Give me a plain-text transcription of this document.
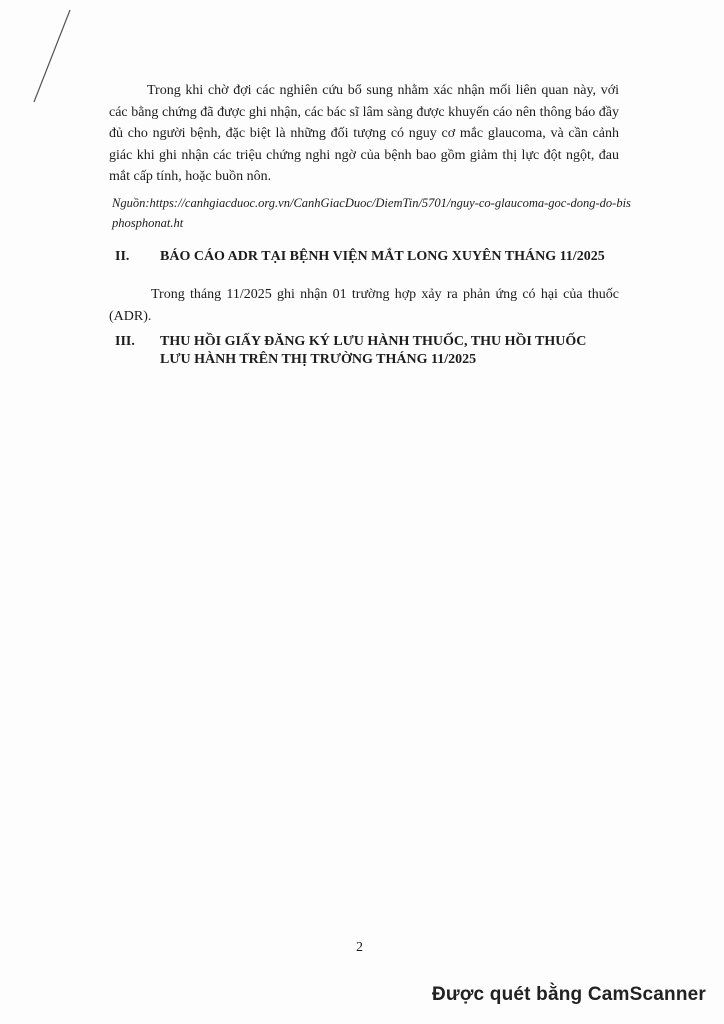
Trong khi chờ đợi các nghiên cứu bổ sung nhằm xác nhận mối liên quan này, với các bằng chứng đã được ghi nhận, các bác sĩ lâm sàng được khuyến cáo nên thông báo đầy đủ cho người bệnh, đặc biệt là những đối tượng có nguy cơ mắc glaucoma, và cần cảnh giác khi ghi nhận các triệu chứng nghi ngờ của bệnh bao gồm giảm thị lực đột ngột, đau mắt cấp tính, hoặc buồn nôn.

Nguồn:https://canhgiacduoc.org.vn/CanhGiacDuoc/DiemTin/5701/nguy-co-glaucoma-goc-dong-do-bisphosphonat.ht

II. BÁO CÁO ADR TẠI BỆNH VIỆN MẮT LONG XUYÊN THÁNG 11/2025

Trong tháng 11/2025 ghi nhận 01 trường hợp xảy ra phản ứng có hại của thuốc (ADR).

III. THU HỒI GIẤY ĐĂNG KÝ LƯU HÀNH THUỐC, THU HỒI THUỐC LƯU HÀNH TRÊN THỊ TRƯỜNG THÁNG 11/2025

2

Được quét bằng CamScanner
